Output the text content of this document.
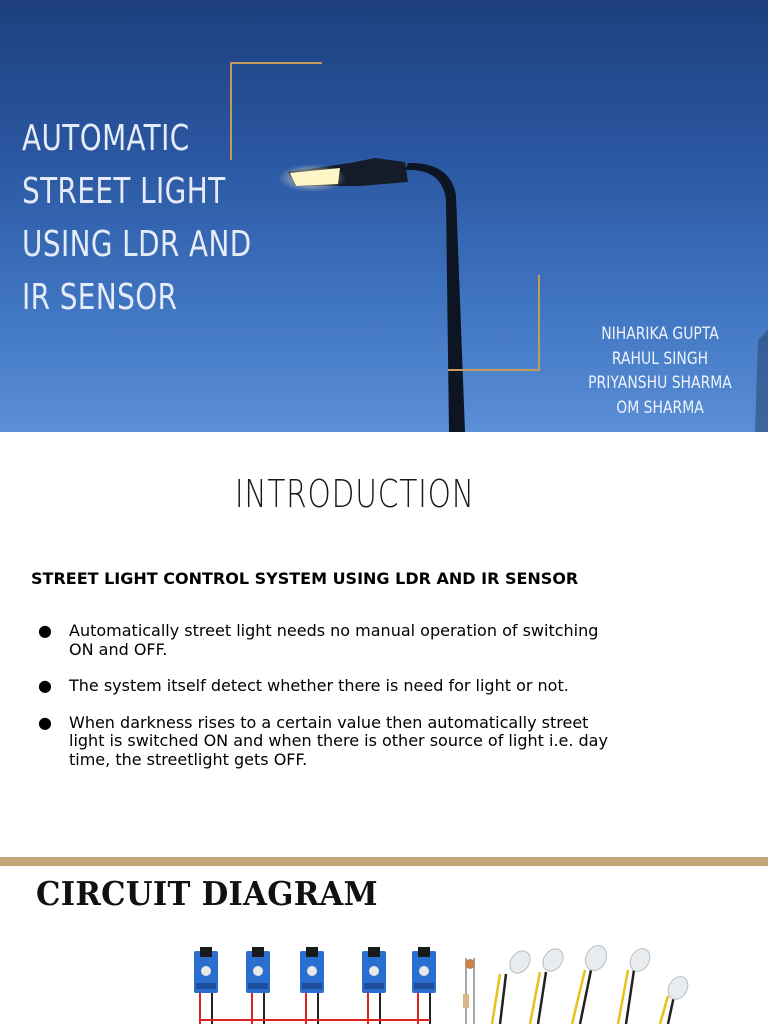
AUTOMATIC
STREET LIGHT
USING LDR AND
IR SENSOR
NIHARIKA GUPTA
RAHUL SINGH
PRIYANSHU SHARMA
OM SHARMA
INTRODUCTION
STREET LIGHT CONTROL SYSTEM USING LDR AND IR SENSOR
● Automatically street light needs no manual operation of switching ON and OFF.
● The system itself detect whether there is need for light or not.
● When darkness rises to a certain value then automatically street light is switched ON and when there is other source of light i.e. day time, the streetlight gets OFF.
CIRCUIT DIAGRAM
